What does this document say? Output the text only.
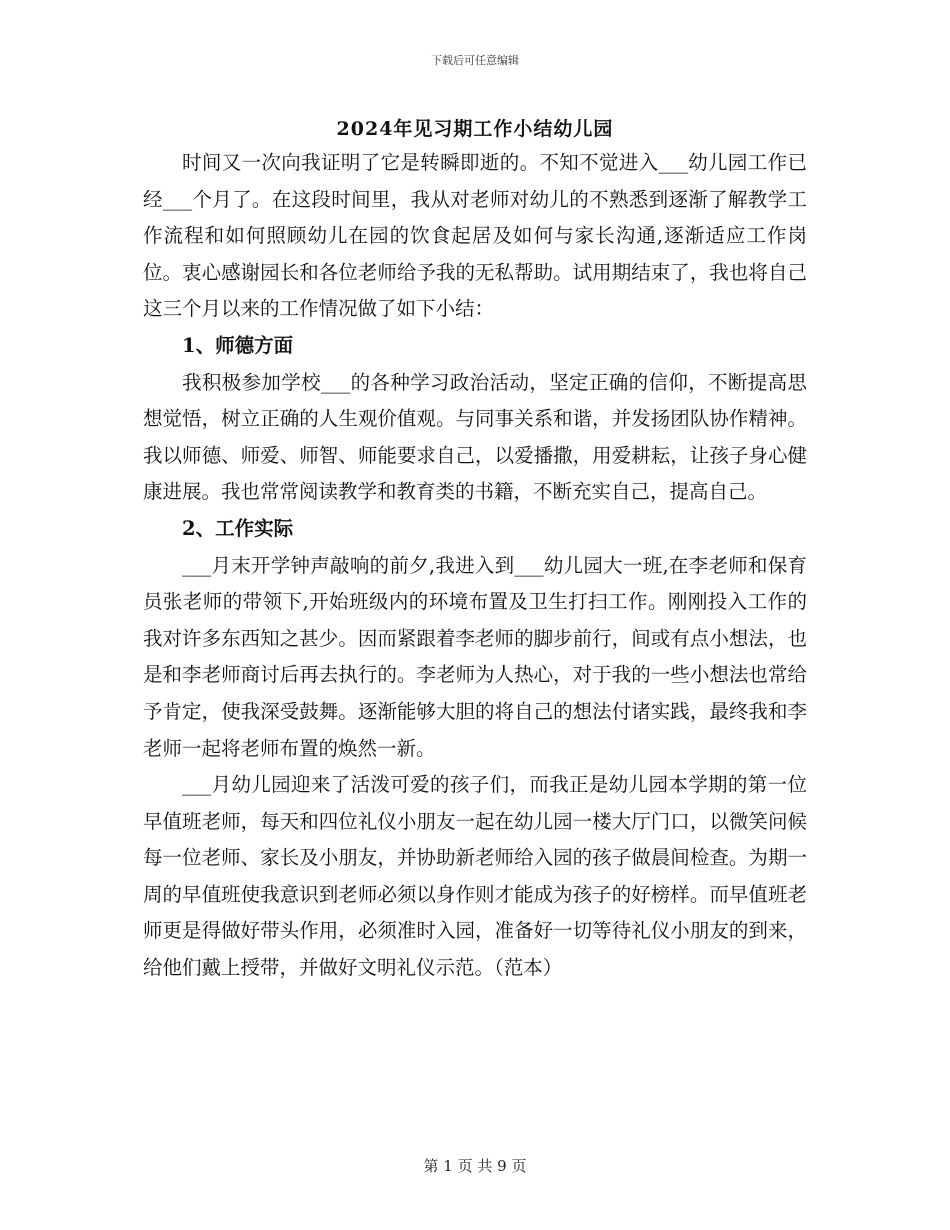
下载后可任意编辑
2024年见习期工作小结幼儿园

时间又一次向我证明了它是转瞬即逝的。不知不觉进入___幼儿园工作已经___个月了。在这段时间里，我从对老师对幼儿的不熟悉到逐渐了解教学工作流程和如何照顾幼儿在园的饮食起居及如何与家长沟通,逐渐适应工作岗位。衷心感谢园长和各位老师给予我的无私帮助。试用期结束了，我也将自己这三个月以来的工作情况做了如下小结：

1、师德方面

我积极参加学校___的各种学习政治活动，坚定正确的信仰，不断提高思想觉悟，树立正确的人生观价值观。与同事关系和谐，并发扬团队协作精神。我以师德、师爱、师智、师能要求自己，以爱播撒，用爱耕耘，让孩子身心健康进展。我也常常阅读教学和教育类的书籍，不断充实自己，提高自己。

2、工作实际

___月末开学钟声敲响的前夕,我进入到___幼儿园大一班,在李老师和保育员张老师的带领下,开始班级内的环境布置及卫生打扫工作。刚刚投入工作的我对许多东西知之甚少。因而紧跟着李老师的脚步前行，间或有点小想法，也是和李老师商讨后再去执行的。李老师为人热心，对于我的一些小想法也常给予肯定，使我深受鼓舞。逐渐能够大胆的将自己的想法付诸实践，最终我和李老师一起将老师布置的焕然一新。

___月幼儿园迎来了活泼可爱的孩子们，而我正是幼儿园本学期的第一位早值班老师，每天和四位礼仪小朋友一起在幼儿园一楼大厅门口，以微笑问候每一位老师、家长及小朋友，并协助新老师给入园的孩子做晨间检查。为期一周的早值班使我意识到老师必须以身作则才能成为孩子的好榜样。而早值班老师更是得做好带头作用，必须准时入园，准备好一切等待礼仪小朋友的到来，给他们戴上授带，并做好文明礼仪示范。（范本）

第 1 页 共 9 页
